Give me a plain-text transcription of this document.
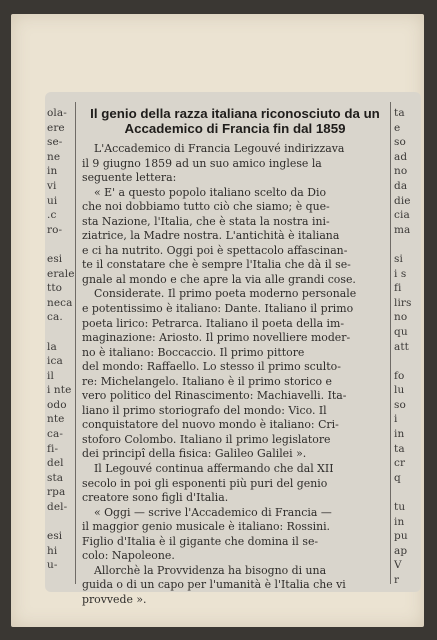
ola-
ere
se-
ne
in
vi
ui
.c
ro-

esi
erale
tto
neca
ca.

la
ica
il
i nte
odo
nte
ca-
fi-
del
sta
rpa
del-

esi
hi
u-
Il genio della razza italiana riconosciuto da un
Accademico di Francia fin dal 1859

L'Accademico di Francia Legouvé indirizzava
il 9 giugno 1859 ad un suo amico inglese la
seguente lettera:

« E' a questo popolo italiano scelto da Dio
che noi dobbiamo tutto ciò che siamo; è que-
sta Nazione, l'Italia, che è stata la nostra ini-
ziatrice, la Madre nostra. L'antichità è italiana
e ci ha nutrito. Oggi poi è spettacolo affascinan-
te il constatare che è sempre l'Italia che dà il se-
gnale al mondo e che apre la via alle grandi cose.

Considerate. Il primo poeta moderno personale
e potentissimo è italiano: Dante. Italiano il primo
poeta lirico: Petrarca. Italiano il poeta della im-
maginazione: Ariosto. Il primo novelliere moder-
no è italiano: Boccaccio. Il primo pittore
del mondo: Raffaello. Lo stesso il primo sculto-
re: Michelangelo. Italiano è il primo storico e
vero politico del Rinascimento: Machiavelli. Ita-
liano il primo storiografo del mondo: Vico. Il
conquistatore del nuovo mondo è italiano: Cri-
stoforo Colombo. Italiano il primo legislatore
dei principî della fisica: Galileo Galilei ».

Il Legouvé continua affermando che dal XII
secolo in poi gli esponenti più puri del genio
creatore sono figli d'Italia.

« Oggi — scrive l'Accademico di Francia —
il maggior genio musicale è italiano: Rossini.
Figlio d'Italia è il gigante che domina il se-
colo: Napoleone.

Allorchè la Provvidenza ha bisogno di una
guida o di un capo per l'umanità è l'Italia che vi
provvede ».

ta
e
so
ad
no
da
die
cia
ma

si
i s
fi
lirs
no
qu
att

fo
lu
so
i
in
ta
cr
q

tu
in
pu
ap
V
r
